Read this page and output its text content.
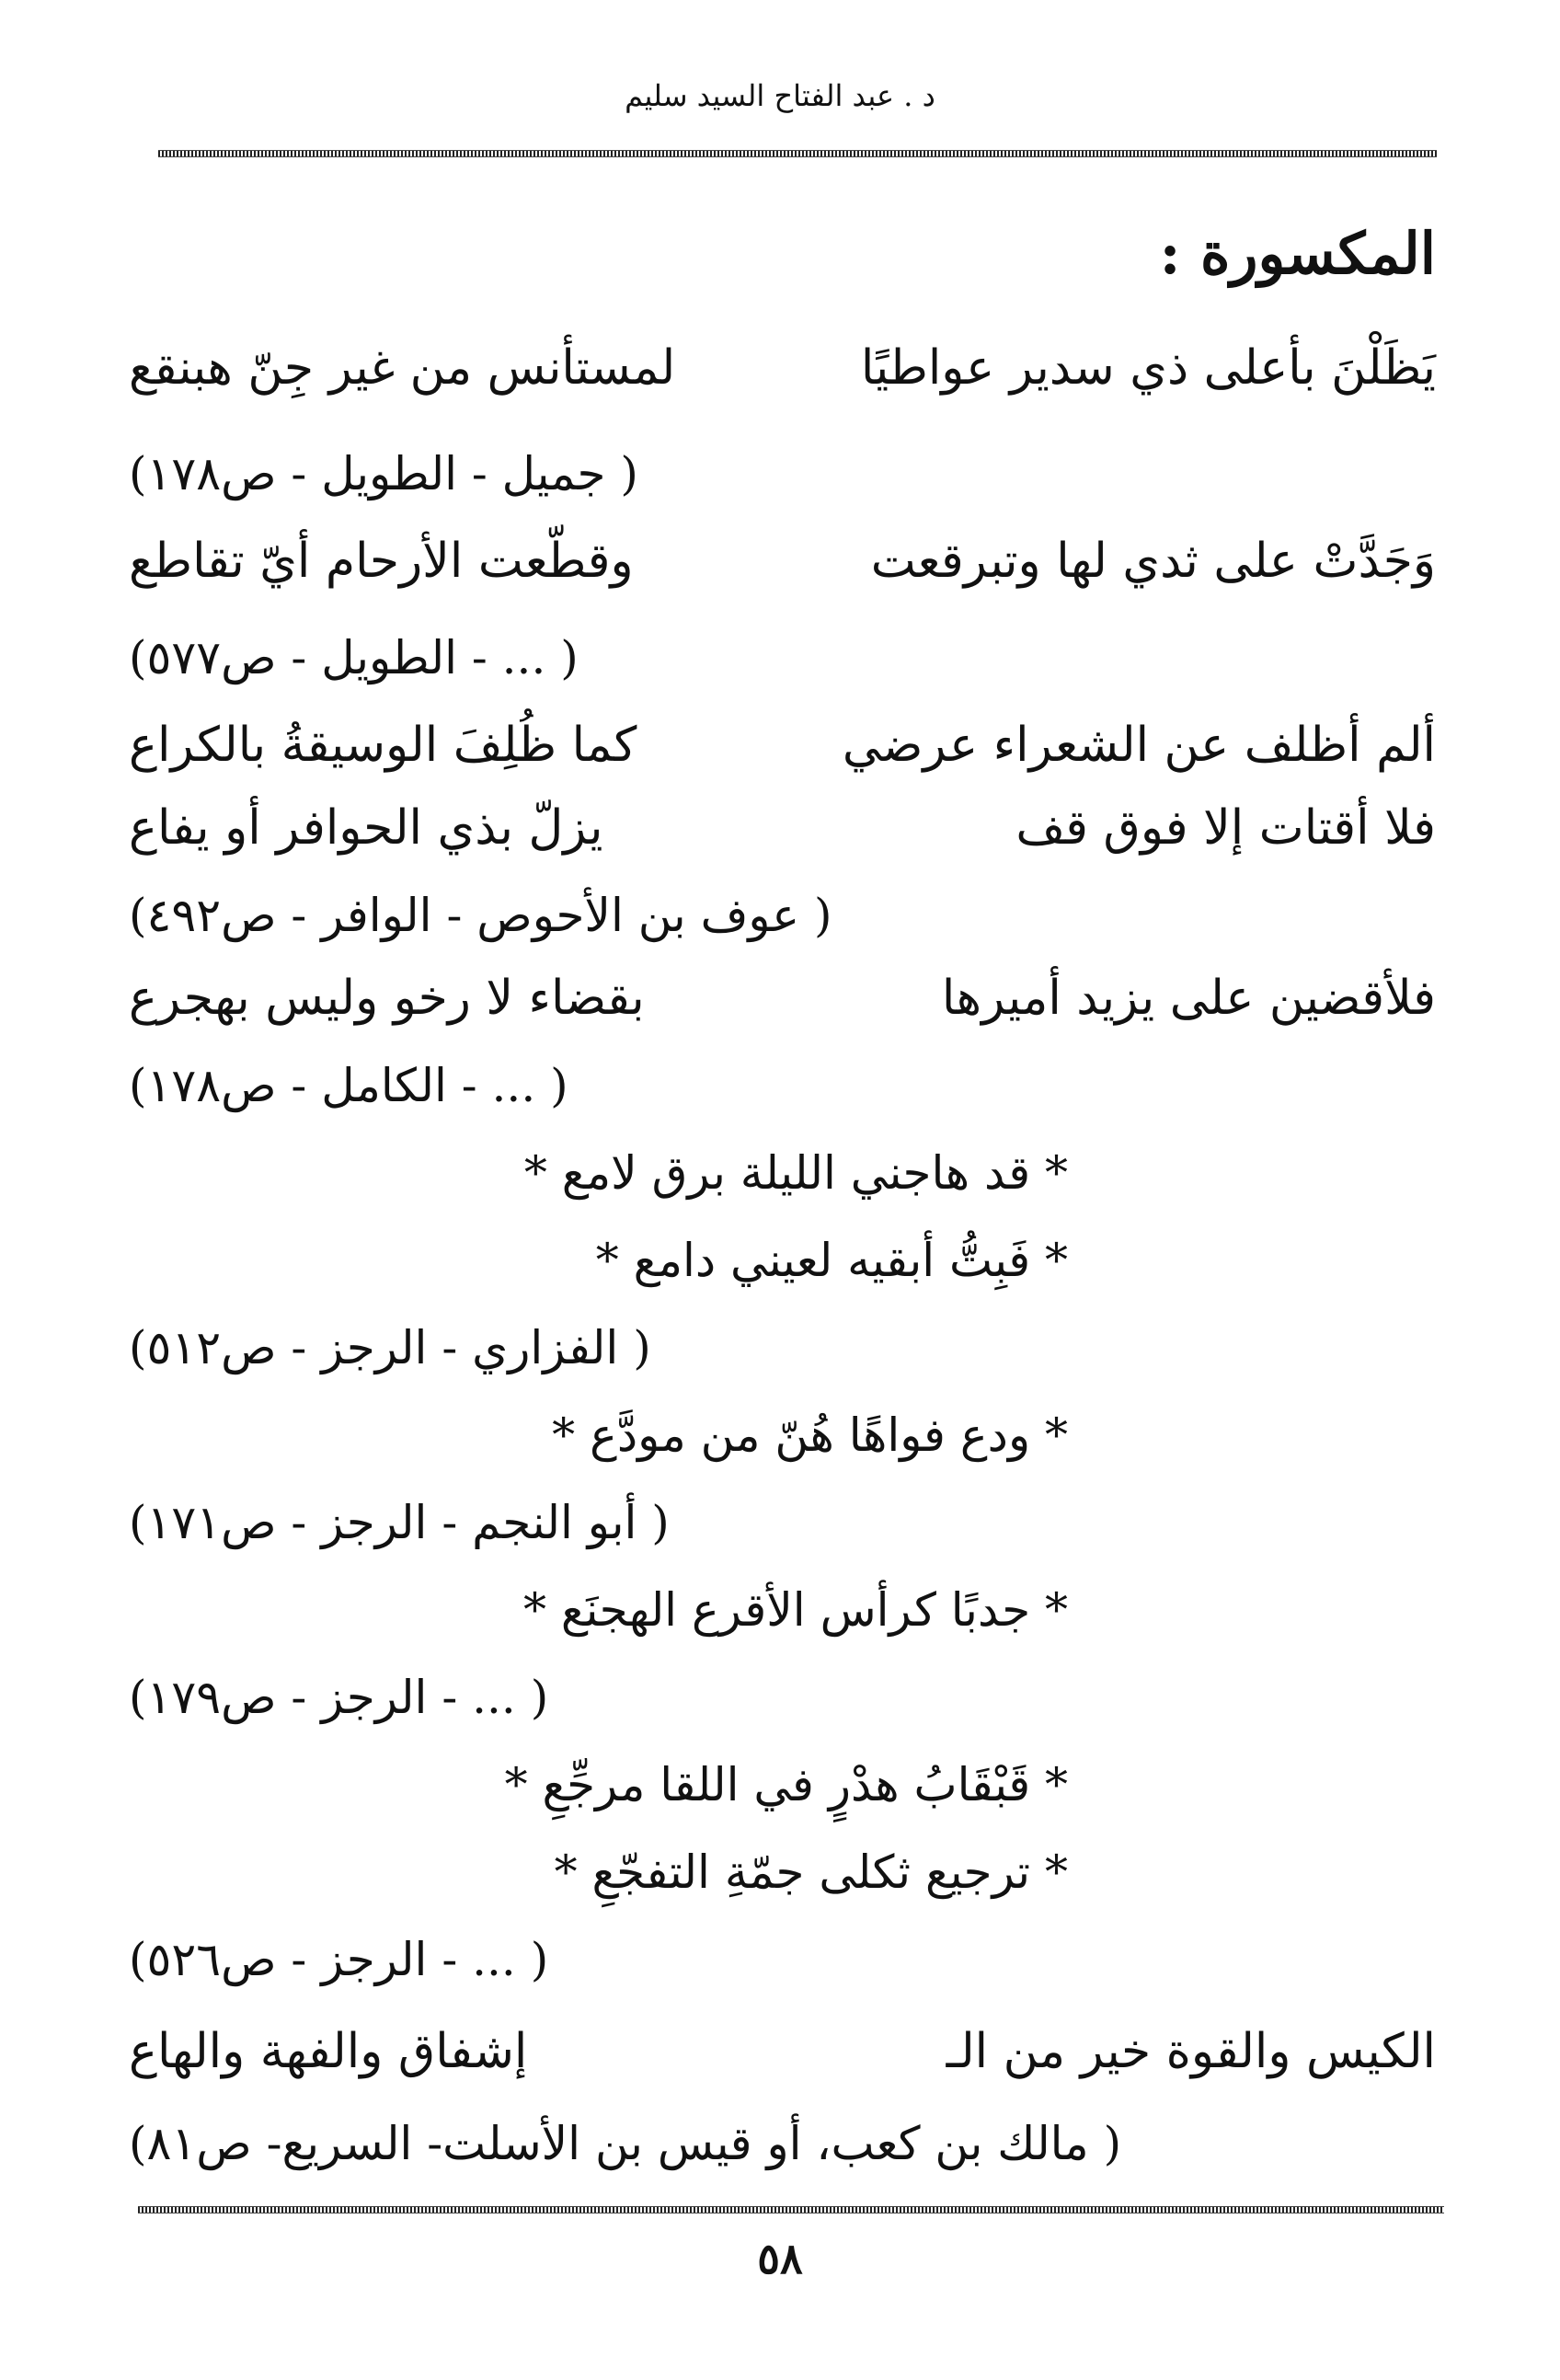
د . عبد الفتاح السيد سليم
المكسورة :
يَظَلْنَ بأعلى ذي سدير عواطيًا
لمستأنس من غير جِنّ هبنقع
( جميل - الطويل - ص١٧٨)
وَجَدَّتْ على ثدي لها وتبرقعت
وقطّعت الأرحام أيّ تقاطع
( ... - الطويل - ص٥٧٧)
ألم أظلف عن الشعراء عرضي
كما ظُلِفَ الوسيقةُ بالكراع
فلا أقتات إلا فوق قف
يزلّ بذي الحوافر أو يفاع
( عوف بن الأحوص - الوافر - ص٤٩٢)
فلأقضين على يزيد أميرها
بقضاء لا رخو وليس بهجرع
( ... - الكامل - ص١٧٨)
* قد هاجني الليلة برق لامع *
* فَبِتُّ أبقيه لعيني دامع *
( الفزاري - الرجز - ص٥١٢)
* ودع فواهًا هُنّ من مودَّع *
( أبو النجم - الرجز - ص١٧١)
* جدبًا كرأس الأقرع الهجنَع *
( ... - الرجز - ص١٧٩)
* قَبْقَابُ هدْرٍ في اللقا مرجِّعِ *
* ترجيع ثكلى جمّةِ التفجّعِ *
( ... - الرجز - ص٥٢٦)
الكيس والقوة خير من الـ
إشفاق والفهة والهاع
( مالك بن كعب، أو قيس بن الأسلت- السريع- ص٨١)
٥٨
